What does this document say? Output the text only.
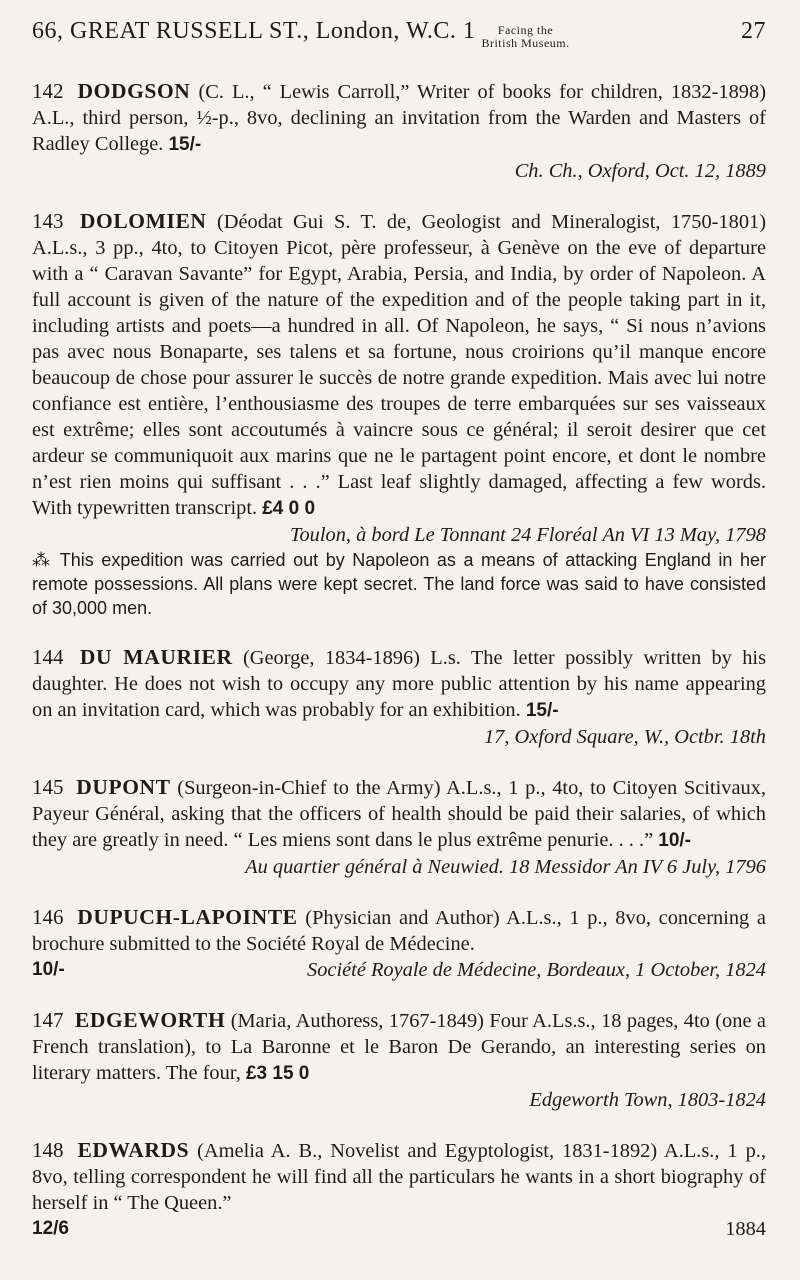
66, GREAT RUSSELL ST., London, W.C. 1	Facing the
British Museum.	27
142 DODGSON (C. L., “ Lewis Carroll,” Writer of books for children, 1832-1898) A.L., third person, ½-p., 8vo, declining an invitation from the Warden and Masters of Radley College. 15/-
Ch. Ch., Oxford, Oct. 12, 1889
143 DOLOMIEN (Déodat Gui S. T. de, Geologist and Mineralogist, 1750-1801) A.L.s., 3 pp., 4to, to Citoyen Picot, père professeur, à Genève on the eve of departure with a “ Caravan Savante” for Egypt, Arabia, Persia, and India, by order of Napoleon. A full account is given of the nature of the expedition and of the people taking part in it, including artists and poets—a hundred in all. Of Napoleon, he says, “ Si nous n’avions pas avec nous Bonaparte, ses talens et sa fortune, nous croirions qu’il manque encore beaucoup de chose pour assurer le succès de notre grande expedition. Mais avec lui notre confiance est entière, l’enthousiasme des troupes de terre embarquées sur ses vaisseaux est extrême; elles sont accoutumés à vaincre sous ce général; il seroit desirer que cet ardeur se communiquoit aux marins que ne le partagent point encore, et dont le nombre n’est rien moins qui suffisant . . .” Last leaf slightly damaged, affecting a few words. With typewritten transcript. £4 0 0
Toulon, à bord Le Tonnant 24 Floréal An VI 13 May, 1798
⁂ This expedition was carried out by Napoleon as a means of attacking England in her remote possessions. All plans were kept secret. The land force was said to have consisted of 30,000 men.
144 DU MAURIER (George, 1834-1896) L.s. The letter possibly written by his daughter. He does not wish to occupy any more public attention by his name appearing on an invitation card, which was probably for an exhibition. 15/-
17, Oxford Square, W., Octbr. 18th
145 DUPONT (Surgeon-in-Chief to the Army) A.L.s., 1 p., 4to, to Citoyen Scitivaux, Payeur Général, asking that the officers of health should be paid their salaries, of which they are greatly in need. “ Les miens sont dans le plus extrême penurie. . . .” 10/-
Au quartier général à Neuwied. 18 Messidor An IV 6 July, 1796
146 DUPUCH-LAPOINTE (Physician and Author) A.L.s., 1 p., 8vo, concerning a brochure submitted to the Société Royal de Médecine.
10/-	Société Royale de Médecine, Bordeaux, 1 October, 1824
147 EDGEWORTH (Maria, Authoress, 1767-1849) Four A.Ls.s., 18 pages, 4to (one a French translation), to La Baronne et le Baron De Gerando, an interesting series on literary matters. The four, £3 15 0
Edgeworth Town, 1803-1824
148 EDWARDS (Amelia A. B., Novelist and Egyptologist, 1831-1892) A.L.s., 1 p., 8vo, telling correspondent he will find all the particulars he wants in a short biography of herself in “ The Queen.”
12/6	1884
